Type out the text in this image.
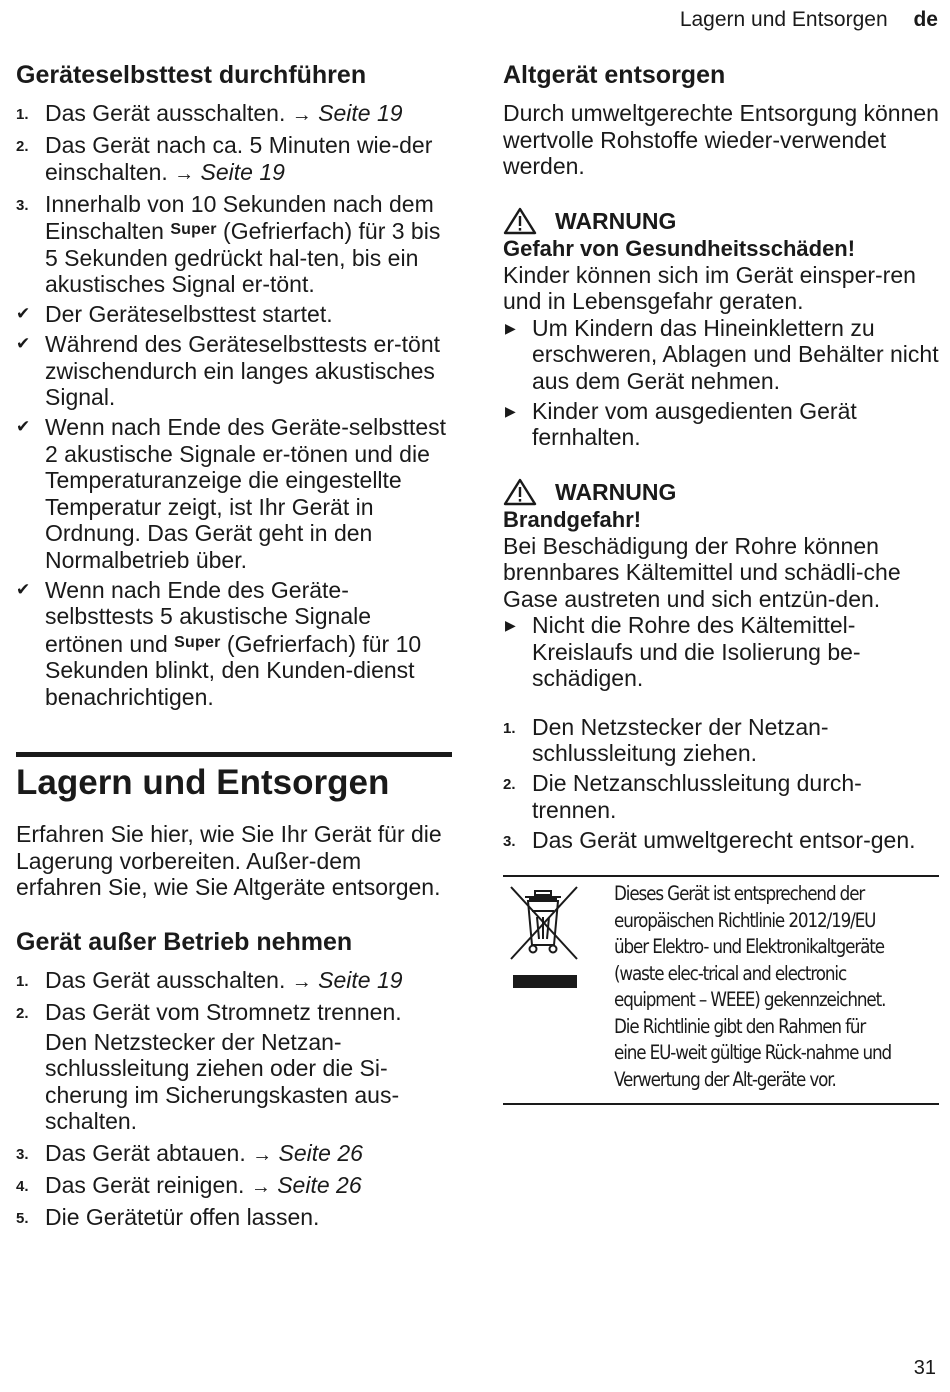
Lagern und Entsorgen de
Geräteselbsttest durchführen
1. Das Gerät ausschalten. → Seite 19
2. Das Gerät nach ca. 5 Minuten wie-der einschalten. → Seite 19
3. Innerhalb von 10 Sekunden nach dem Einschalten $^{Super}$ (Gefrierfach) für 3 bis 5 Sekunden gedrückt hal-ten, bis ein akustisches Signal er-tönt.
✔ Der Geräteselbsttest startet.
✔ Während des Geräteselbsttests er-tönt zwischendurch ein langes akustisches Signal.
✔ Wenn nach Ende des Geräte-selbsttest 2 akustische Signale er-tönen und die Temperaturanzeige die eingestellte Temperatur zeigt, ist Ihr Gerät in Ordnung. Das Gerät geht in den Normalbetrieb über.
✔ Wenn nach Ende des Geräte-selbsttests 5 akustische Signale ertönen und $^{Super}$ (Gefrierfach) für 10 Sekunden blinkt, den Kunden-dienst benachrichtigen.
Lagern und Entsorgen
Erfahren Sie hier, wie Sie Ihr Gerät für die Lagerung vorbereiten. Außer-dem erfahren Sie, wie Sie Altgeräte entsorgen.
Gerät außer Betrieb nehmen
1. Das Gerät ausschalten. → Seite 19
2. Das Gerät vom Stromnetz trennen.
Den Netzstecker der Netzan-schlussleitung ziehen oder die Si-cherung im Sicherungskasten aus-schalten.
3. Das Gerät abtauen. → Seite 26
4. Das Gerät reinigen. → Seite 26
5. Die Gerätetür offen lassen.
Altgerät entsorgen
Durch umweltgerechte Entsorgung können wertvolle Rohstoffe wieder-verwendet werden.
WARNUNG
Gefahr von Gesundheitsschäden!
Kinder können sich im Gerät einsper-ren und in Lebensgefahr geraten.
▶ Um Kindern das Hineinklettern zu erschweren, Ablagen und Behälter nicht aus dem Gerät nehmen.
▶ Kinder vom ausgedienten Gerät fernhalten.
WARNUNG
Brandgefahr!
Bei Beschädigung der Rohre können brennbares Kältemittel und schädli-che Gase austreten und sich entzün-den.
▶ Nicht die Rohre des Kältemittel-Kreislaufs und die Isolierung be-schädigen.
1. Den Netzstecker der Netzan-schlussleitung ziehen.
2. Die Netzanschlussleitung durch-trennen.
3. Das Gerät umweltgerecht entsor-gen.
Dieses Gerät ist entsprechend der europäischen Richtlinie 2012/19/EU über Elektro- und Elektronikaltgeräte (waste elec-trical and electronic equipment – WEEE) gekennzeichnet.
Die Richtlinie gibt den Rahmen für eine EU-weit gültige Rück-nahme und Verwertung der Alt-geräte vor.
31
